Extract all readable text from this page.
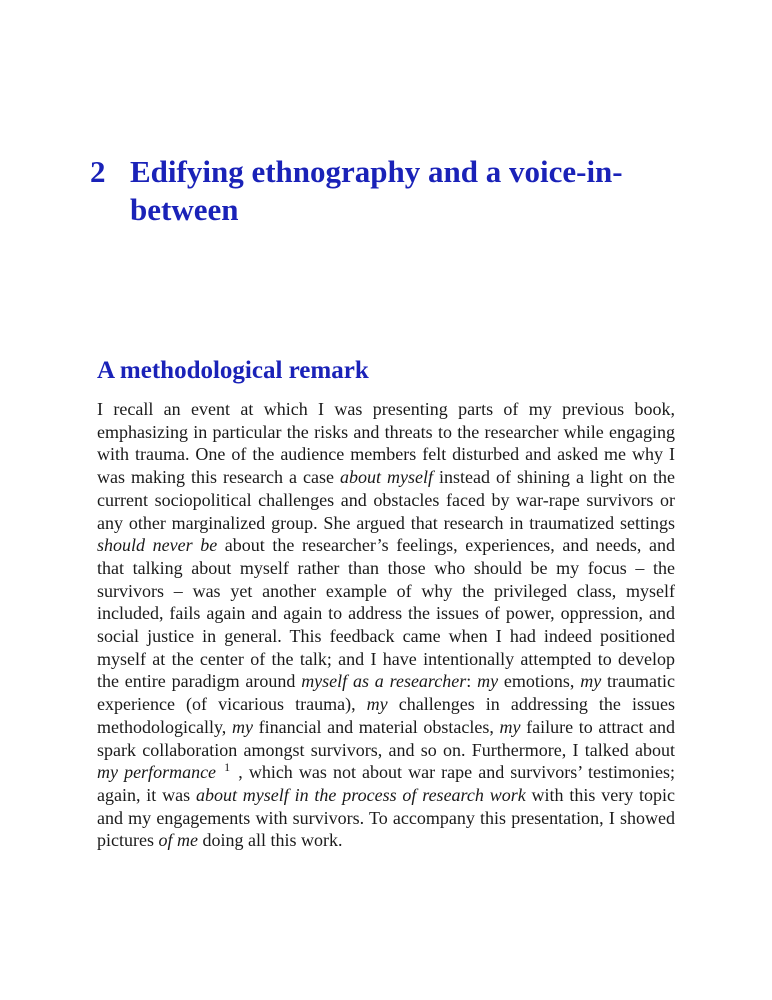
2 Edifying ethnography and a voice-in-between
A methodological remark

I recall an event at which I was presenting parts of my previous book, emphasizing in particular the risks and threats to the researcher while engaging with trauma. One of the audience members felt disturbed and asked me why I was making this research a case about myself instead of shining a light on the current sociopolitical challenges and obstacles faced by war-rape survivors or any other marginalized group. She argued that research in traumatized settings should never be about the researcher’s feelings, experiences, and needs, and that talking about myself rather than those who should be my focus – the survivors – was yet another example of why the privileged class, myself included, fails again and again to address the issues of power, oppression, and social justice in general. This feedback came when I had indeed positioned myself at the center of the talk; and I have intentionally attempted to develop the entire paradigm around myself as a researcher: my emotions, my traumatic experience (of vicarious trauma), my challenges in addressing the issues methodologically, my financial and material obstacles, my failure to attract and spark collaboration amongst survivors, and so on. Furthermore, I talked about my performance $^1$ , which was not about war rape and survivors’ testimonies; again, it was about myself in the process of research work with this very topic and my engagements with survivors. To accompany this presentation, I showed pictures of me doing all this work.
